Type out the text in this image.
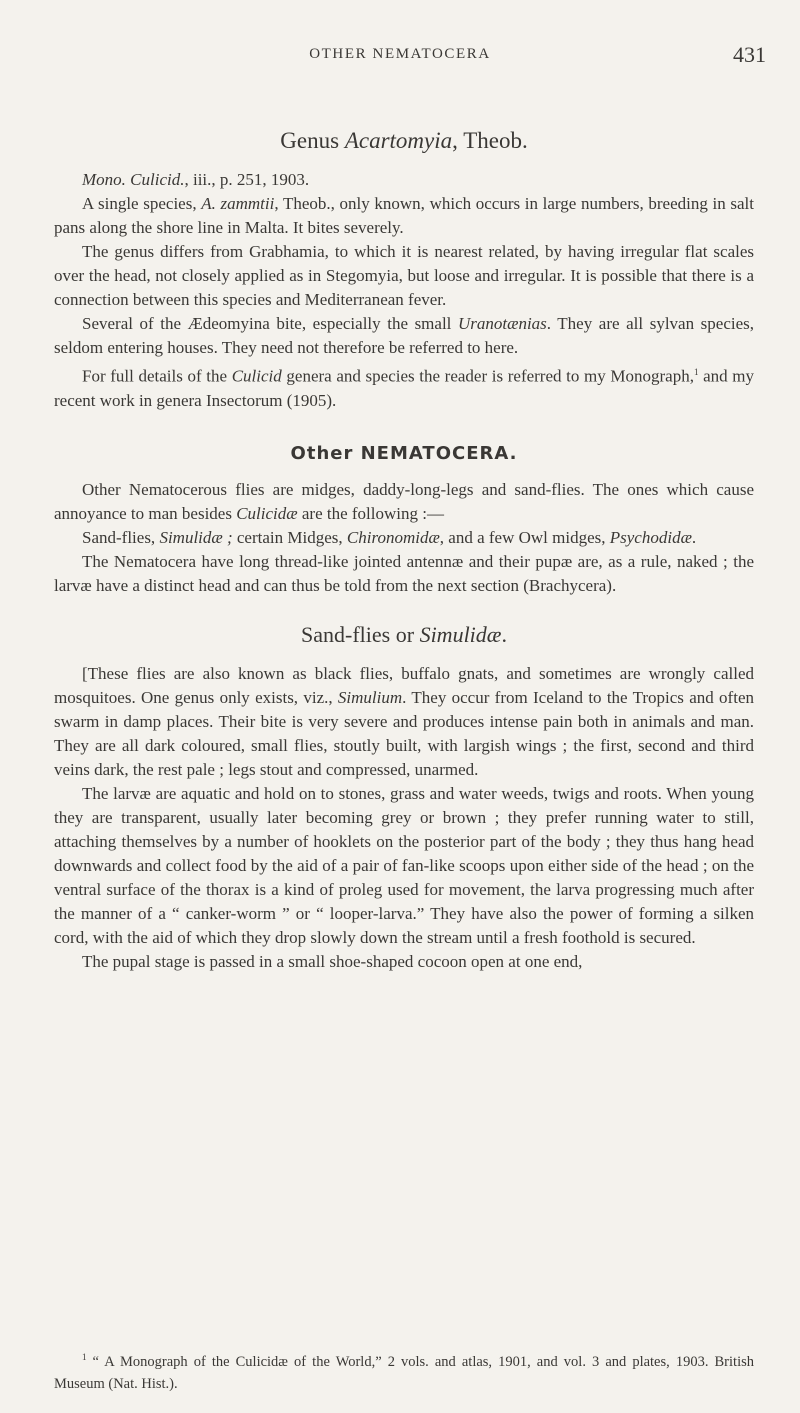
OTHER NEMATOCERA	431
Genus Acartomyia, Theob.

Mono. Culicid., iii., p. 251, 1903.

A single species, A. zammtii, Theob., only known, which occurs in large numbers, breeding in salt pans along the shore line in Malta. It bites severely.

The genus differs from Grabhamia, to which it is nearest related, by having irregular flat scales over the head, not closely applied as in Stegomyia, but loose and irregular. It is possible that there is a connection between this species and Mediterranean fever.

Several of the Ædeomyina bite, especially the small Uranotænias. They are all sylvan species, seldom entering houses. They need not therefore be referred to here.

For full details of the Culicid genera and species the reader is referred to my Monograph,$^1$ and my recent work in genera Insectorum (1905).

Other NEMATOCERA.

Other Nematocerous flies are midges, daddy-long-legs and sand-flies. The ones which cause annoyance to man besides Culicidæ are the following :—

Sand-flies, Simulidæ ; certain Midges, Chironomidæ, and a few Owl midges, Psychodidæ.

The Nematocera have long thread-like jointed antennæ and their pupæ are, as a rule, naked ; the larvæ have a distinct head and can thus be told from the next section (Brachycera).

Sand-flies or Simulidæ.

[These flies are also known as black flies, buffalo gnats, and sometimes are wrongly called mosquitoes. One genus only exists, viz., Simulium. They occur from Iceland to the Tropics and often swarm in damp places. Their bite is very severe and produces intense pain both in animals and man. They are all dark coloured, small flies, stoutly built, with largish wings ; the first, second and third veins dark, the rest pale ; legs stout and compressed, unarmed.

The larvæ are aquatic and hold on to stones, grass and water weeds, twigs and roots. When young they are transparent, usually later becoming grey or brown ; they prefer running water to still, attaching themselves by a number of hooklets on the posterior part of the body ; they thus hang head downwards and collect food by the aid of a pair of fan-like scoops upon either side of the head ; on the ventral surface of the thorax is a kind of proleg used for movement, the larva progressing much after the manner of a “ canker-worm ” or “ looper-larva.” They have also the power of forming a silken cord, with the aid of which they drop slowly down the stream until a fresh foothold is secured.

The pupal stage is passed in a small shoe-shaped cocoon open at one end,

$^1$ “ A Monograph of the Culicidæ of the World,” 2 vols. and atlas, 1901, and vol. 3 and plates, 1903. British Museum (Nat. Hist.).
